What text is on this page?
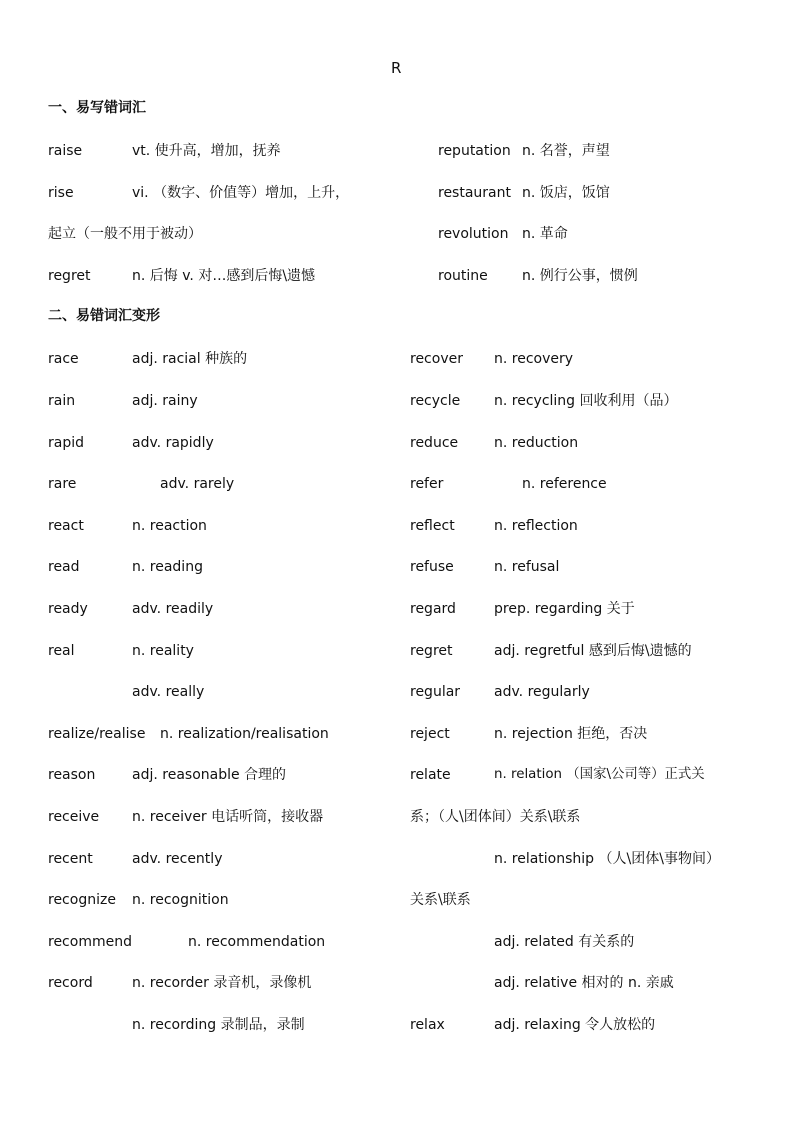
R
一、易写错词汇
raise	vt. 使升高，增加，抚养
rise	vi. （数字、价值等）增加，上升，
起立（一般不用于被动）
regret	n. 后悔 v. 对…感到后悔\遗憾
reputation n. 名誉，声望
restaurant n. 饭店，饭馆
revolution n. 革命
routine n. 例行公事，惯例
二、易错词汇变形
race	adj. racial 种族的
rain	adj. rainy
rapid	adv. rapidly
rare	adv. rarely
react	n. reaction
read	n. reading
ready	adv. readily
real	n. reality
adv. really
realize/realise n. realization/realisation
reason	adj. reasonable 合理的
receive n. receiver 电话听筒，接收器
recent	adv. recently
recognize n. recognition
recommend	n. recommendation
record	n. recorder 录音机，录像机
n. recording 录制品，录制
recover n. recovery
recycle n. recycling 回收利用（品）
reduce	n. reduction
refer	n. reference
reflect	n. reflection
refuse	n. refusal
regard	prep. regarding 关于
regret	adj. regretful 感到后悔\遗憾的
regular adv. regularly
reject	n. rejection 拒绝，否决
relate	n. relation （国家\公司等）正式关
系；（人\团体间）关系\联系
n. relationship （人\团体\事物间）
关系\联系
adj. related 有关系的
adj. relative 相对的 n. 亲戚
relax	adj. relaxing 令人放松的
